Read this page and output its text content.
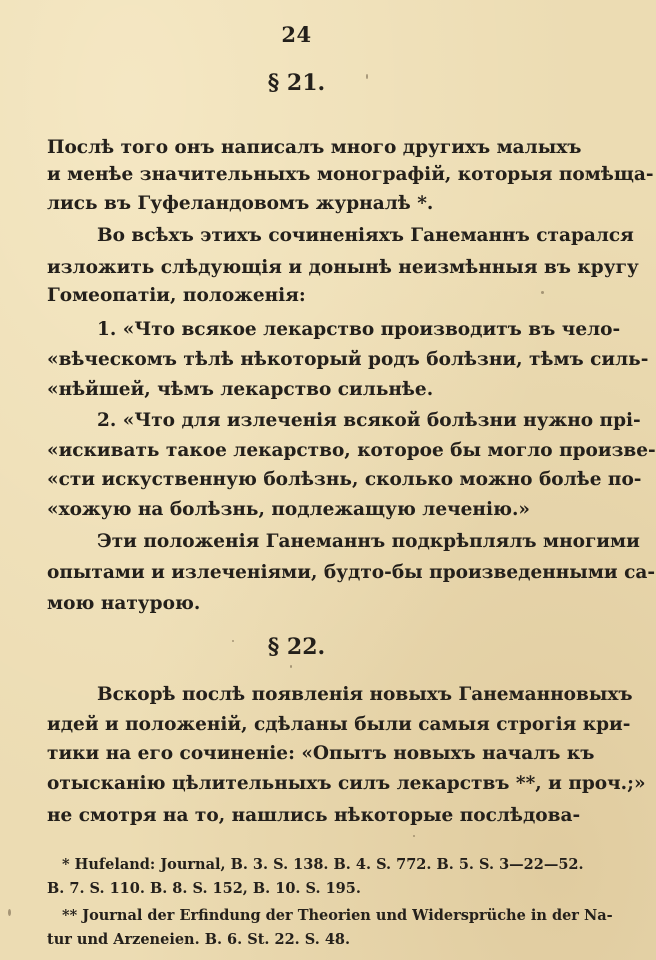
24
§ 21.
Послѣ того онъ написалъ много другихъ малыхъ
и менѣе значительныхъ монографій, которыя помѣща-
лись въ Гуфеландовомъ журналѣ *.
Во всѣхъ этихъ сочиненіяхъ Ганеманнъ старался
изложить слѣдующія и донынѣ неизмѣнныя въ кругу
Гомеопатіи, положенія:
1. «Что всякое лекарство производитъ въ чело-
«вѣческомъ тѣлѣ нѣкоторый родъ болѣзни, тѣмъ силь-
«нѣйшей, чѣмъ лекарство сильнѣе.
2. «Что для излеченія всякой болѣзни нужно прі-
«искивать такое лекарство, которое бы могло произве-
«сти искуственную болѣзнь, сколько можно болѣе по-
«хожую на болѣзнь, подлежащую леченію.»
Эти положенія Ганеманнъ подкрѣплялъ многими
опытами и излеченіями, будто-бы произведенными са-
мою натурою.
§ 22.
Вскорѣ послѣ появленія новыхъ Ганеманновыхъ
идей и положеній, сдѣланы были самыя строгія кри-
тики на его сочиненіе: «Опытъ новыхъ началъ къ
отысканію цѣлительныхъ силъ лекарствъ **, и проч.;»
не смотря на то, нашлись нѣкоторые послѣдова-
* Hufeland: Journal, B. 3. S. 138. B. 4. S. 772. B. 5. S. 3—22—52.
B. 7. S. 110. B. 8. S. 152, B. 10. S. 195.
** Journal der Erfindung der Theorien und Widersprüche in der Na-
tur und Arzeneien. B. 6. St. 22. S. 48.
